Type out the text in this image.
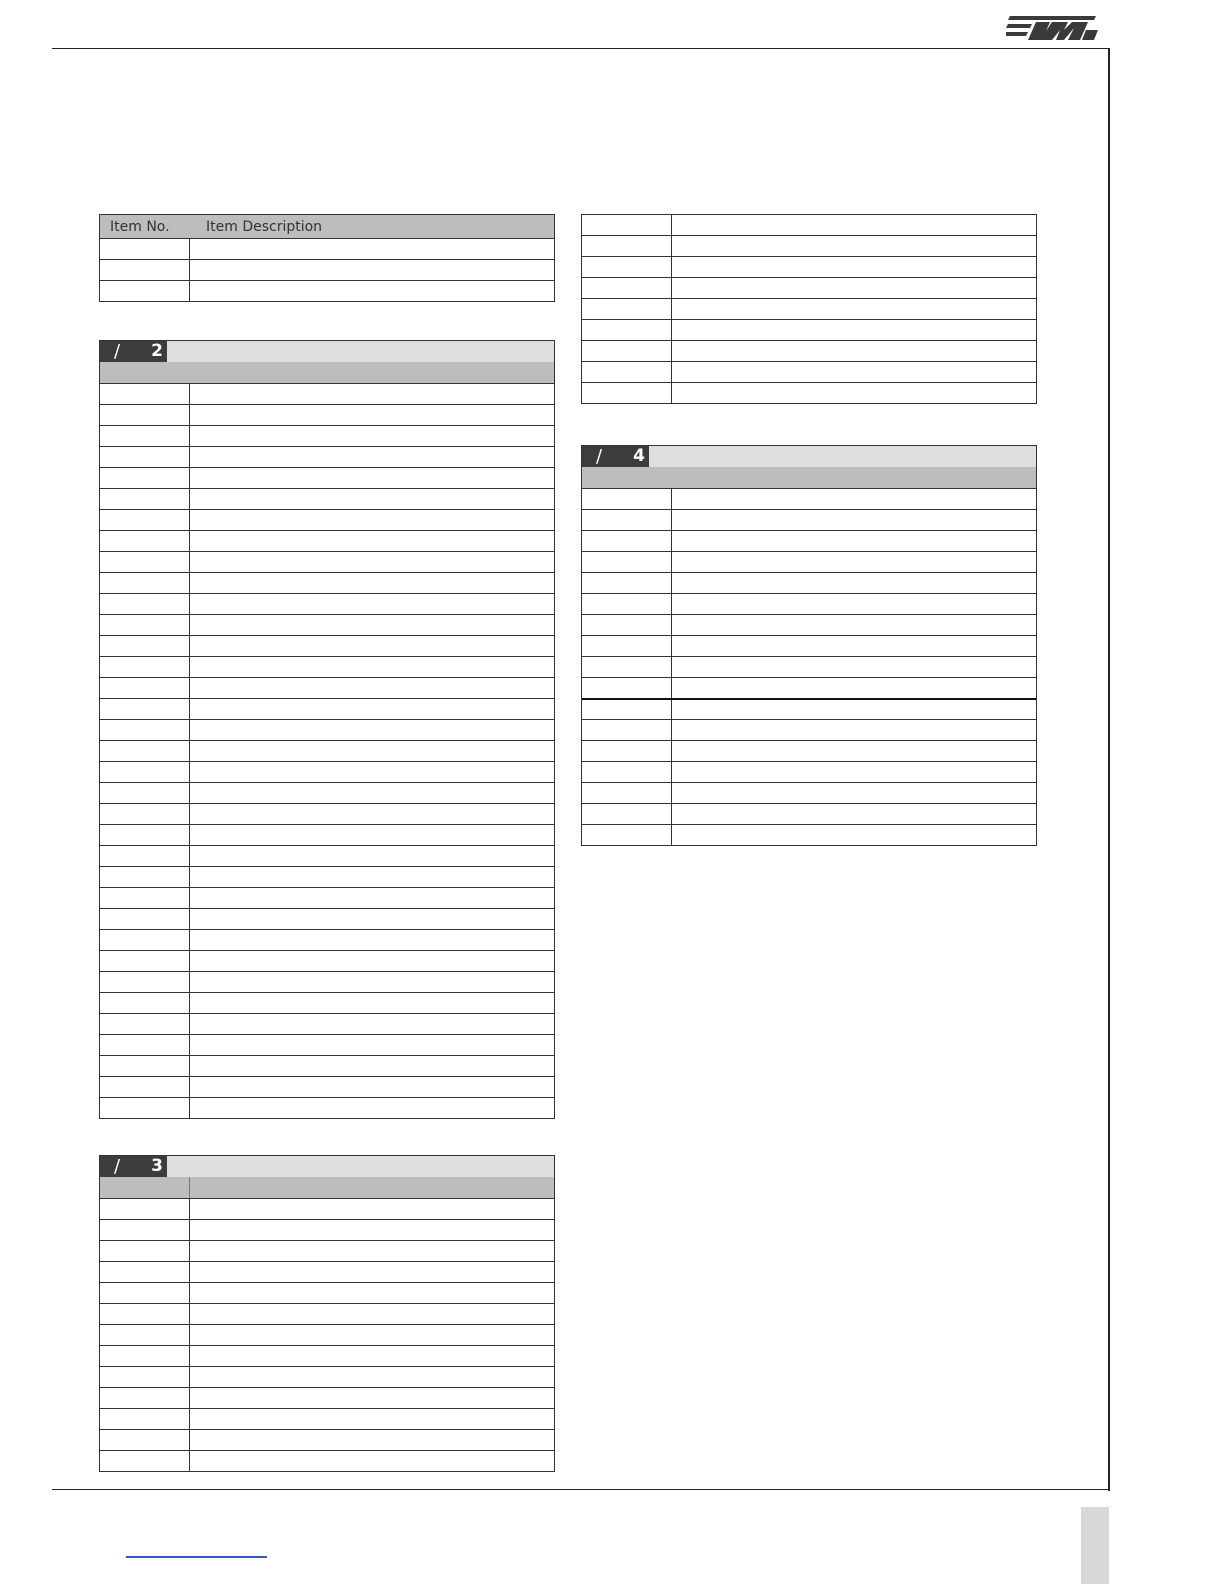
Item No.	Item Description
/ 2
/ 3
/ 4
